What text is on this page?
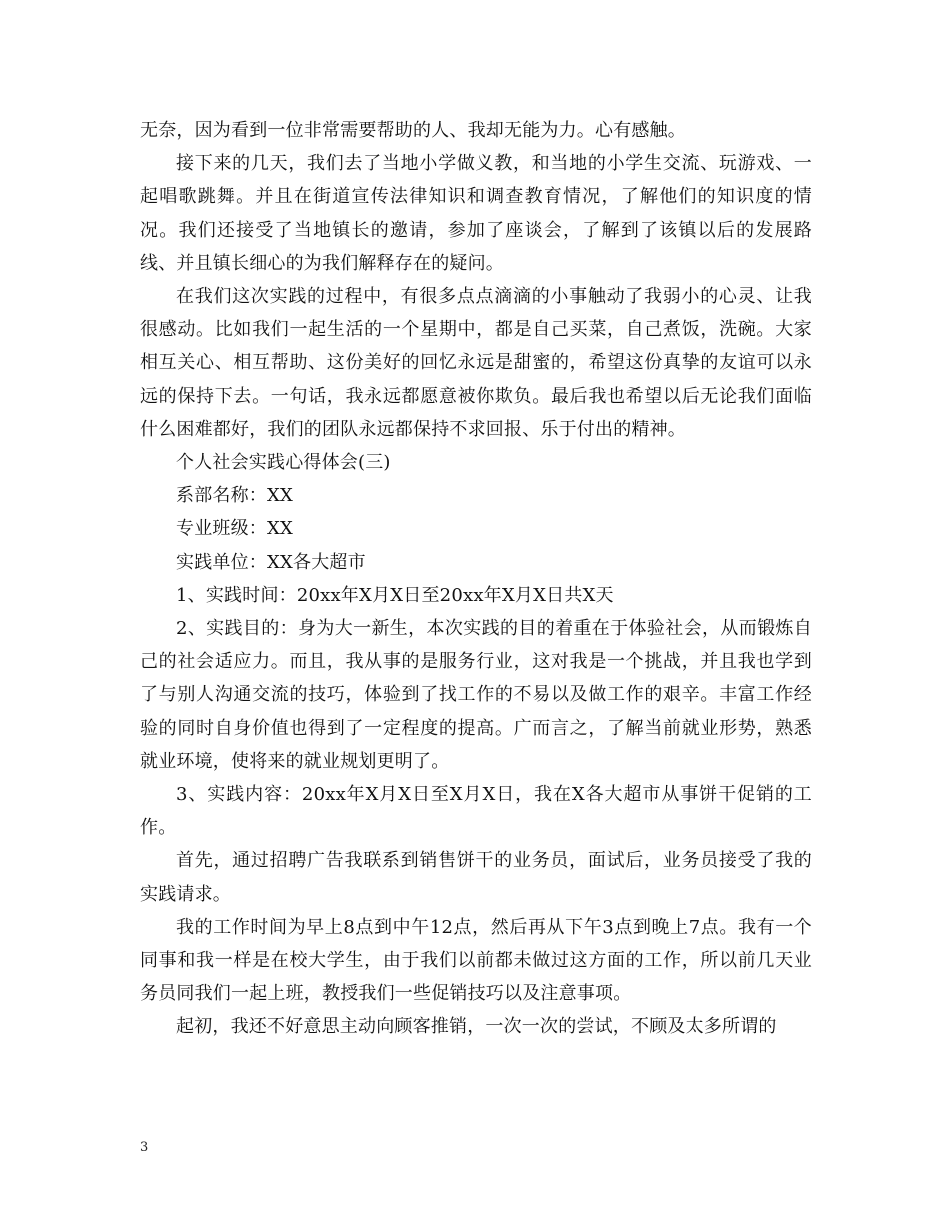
无奈，因为看到一位非常需要帮助的人、我却无能为力。心有感触。

接下来的几天，我们去了当地小学做义教，和当地的小学生交流、玩游戏、一起唱歌跳舞。并且在街道宣传法律知识和调查教育情况，了解他们的知识度的情况。我们还接受了当地镇长的邀请，参加了座谈会，了解到了该镇以后的发展路线、并且镇长细心的为我们解释存在的疑问。

在我们这次实践的过程中，有很多点点滴滴的小事触动了我弱小的心灵、让我很感动。比如我们一起生活的一个星期中，都是自己买菜，自己煮饭，洗碗。大家相互关心、相互帮助、这份美好的回忆永远是甜蜜的，希望这份真挚的友谊可以永远的保持下去。一句话，我永远都愿意被你欺负。最后我也希望以后无论我们面临什么困难都好，我们的团队永远都保持不求回报、乐于付出的精神。

个人社会实践心得体会(三)

系部名称：XX

专业班级：XX

实践单位：XX各大超市

1、实践时间：20xx年X月X日至20xx年X月X日共X天

2、实践目的：身为大一新生，本次实践的目的着重在于体验社会，从而锻炼自己的社会适应力。而且，我从事的是服务行业，这对我是一个挑战，并且我也学到了与别人沟通交流的技巧，体验到了找工作的不易以及做工作的艰辛。丰富工作经验的同时自身价值也得到了一定程度的提高。广而言之，了解当前就业形势，熟悉就业环境，使将来的就业规划更明了。

3、实践内容：20xx年X月X日至X月X日，我在X各大超市从事饼干促销的工作。

首先，通过招聘广告我联系到销售饼干的业务员，面试后，业务员接受了我的实践请求。

我的工作时间为早上8点到中午12点，然后再从下午3点到晚上7点。我有一个同事和我一样是在校大学生，由于我们以前都未做过这方面的工作，所以前几天业务员同我们一起上班，教授我们一些促销技巧以及注意事项。

起初，我还不好意思主动向顾客推销，一次一次的尝试，不顾及太多所谓的

3
